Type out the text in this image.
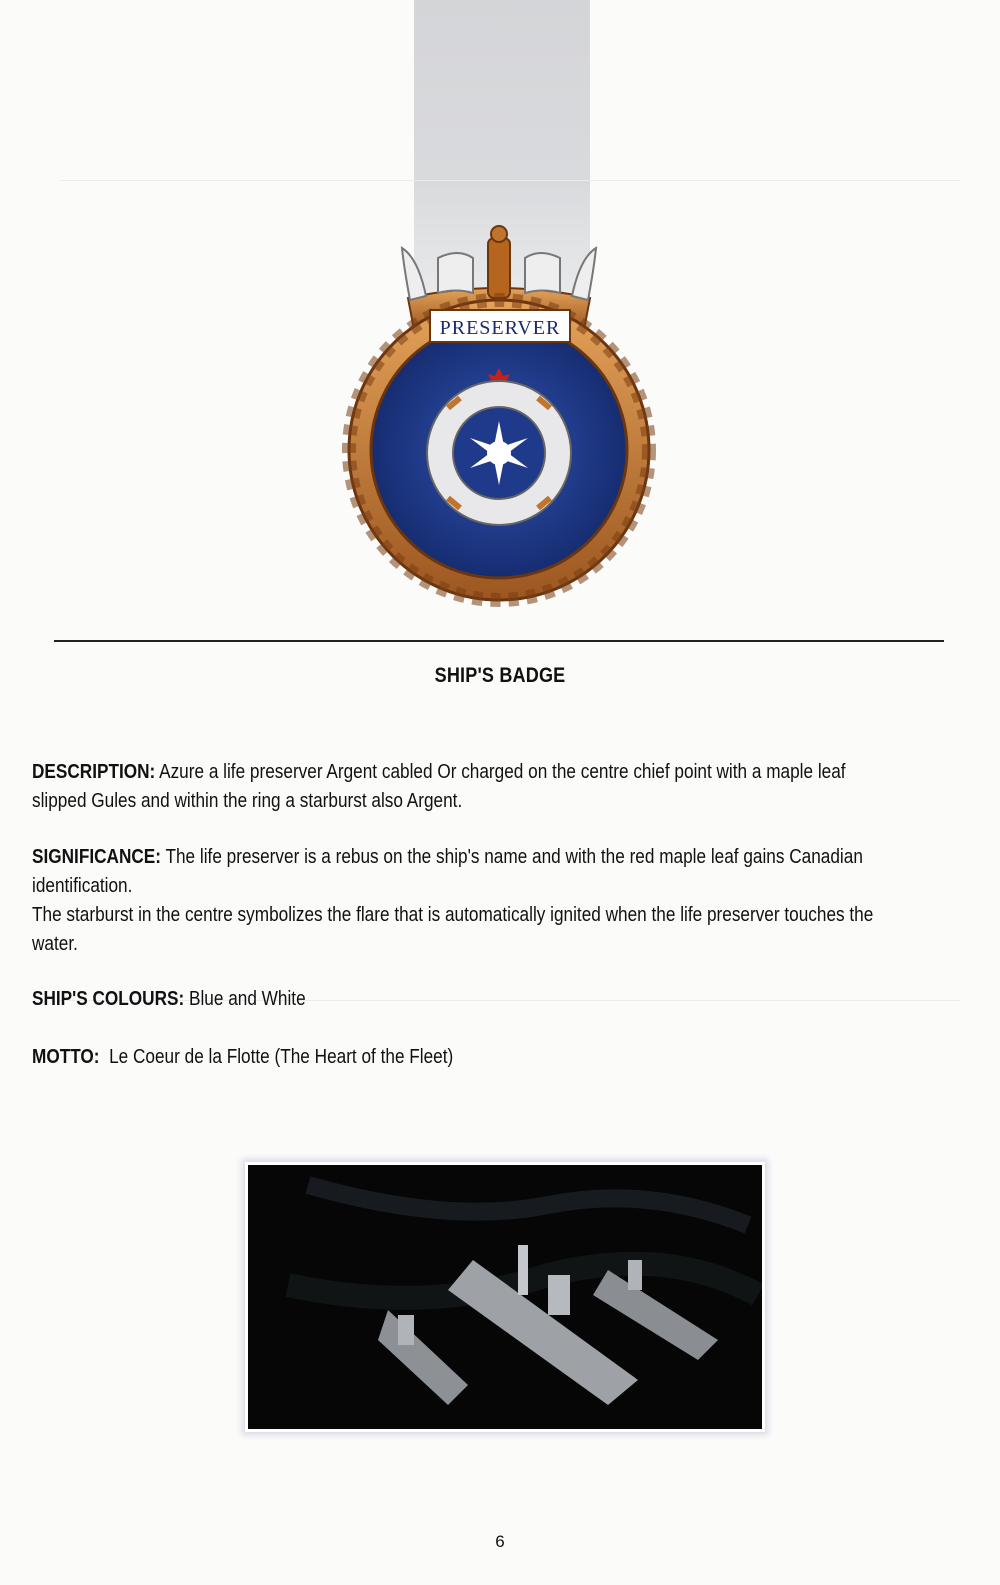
PRESERVER
SHIP'S BADGE
DESCRIPTION: Azure a life preserver Argent cabled Or charged on the centre chief point with a maple leaf
slipped Gules and within the ring a starburst also Argent.
SIGNIFICANCE: The life preserver is a rebus on the ship's name and with the red maple leaf gains Canadian
identification.
The starburst in the centre symbolizes the flare that is automatically ignited when the life preserver touches the
water.
SHIP'S COLOURS: Blue and White
MOTTO: Le Coeur de la Flotte (The Heart of the Fleet)
6
